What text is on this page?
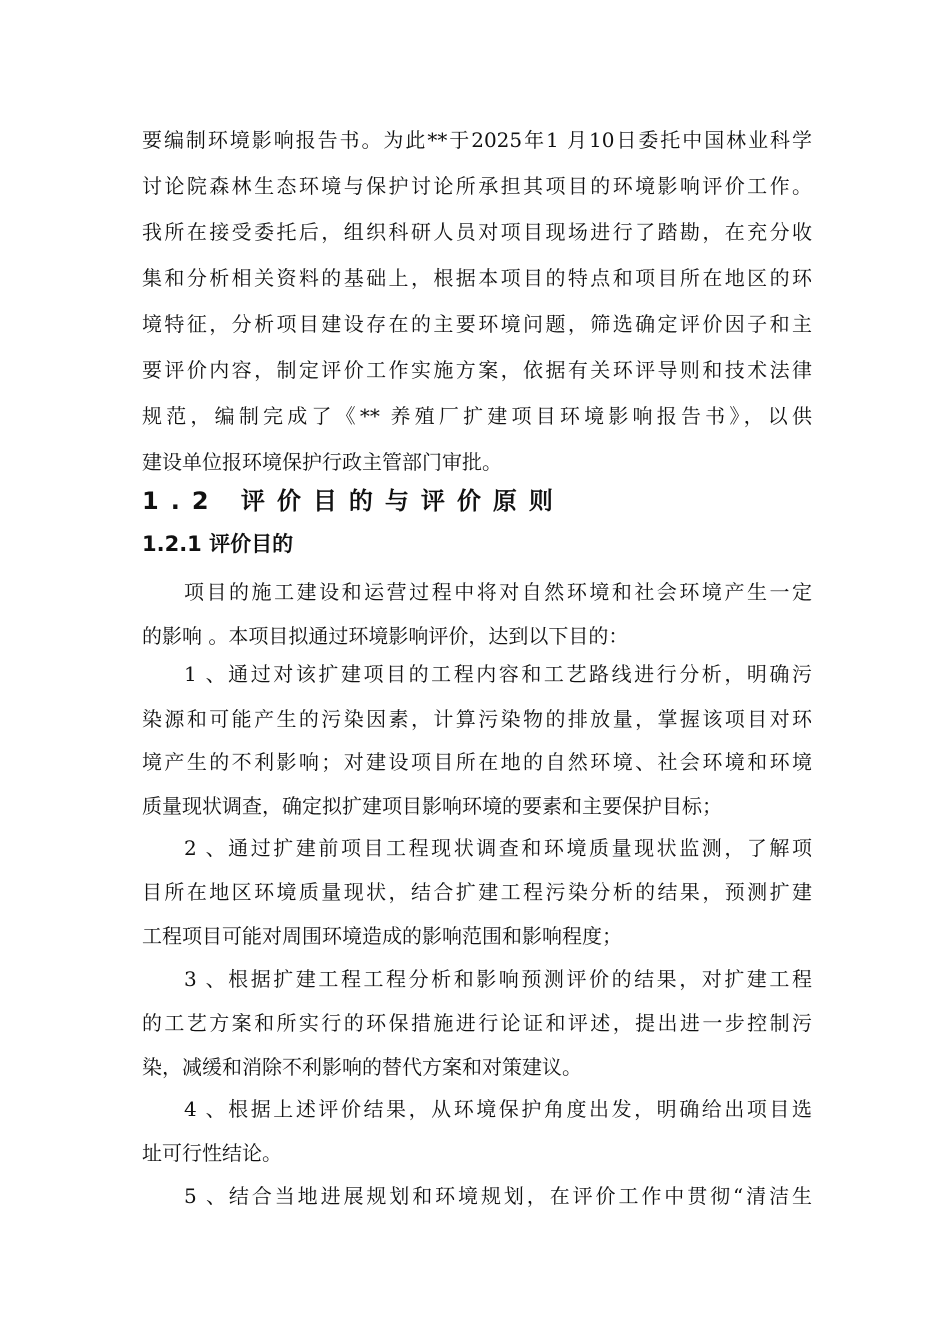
要编制环境影响报告书。为此**于2025年1 月10日委托中国林业科学
讨论院森林生态环境与保护讨论所承担其项目的环境影响评价工作。
我所在接受委托后，组织科研人员对项目现场进行了踏勘，在充分收
集和分析相关资料的基础上，根据本项目的特点和项目所在地区的环
境特征，分析项目建设存在的主要环境问题，筛选确定评价因子和主
要评价内容，制定评价工作实施方案，依据有关环评导则和技术法律
规范，编制完成了《** 养殖厂扩建项目环境影响报告书》，以供
建设单位报环境保护行政主管部门审批。
1.2 评价目的与评价原则
1.2.1 评价目的
项目的施工建设和运营过程中将对自然环境和社会环境产生一定
的影响 。本项目拟通过环境影响评价，达到以下目的：
1 、通过对该扩建项目的工程内容和工艺路线进行分析，明确污
染源和可能产生的污染因素，计算污染物的排放量，掌握该项目对环
境产生的不利影响；对建设项目所在地的自然环境、社会环境和环境
质量现状调查，确定拟扩建项目影响环境的要素和主要保护目标；
2 、通过扩建前项目工程现状调查和环境质量现状监测，了解项
目所在地区环境质量现状，结合扩建工程污染分析的结果，预测扩建
工程项目可能对周围环境造成的影响范围和影响程度；
3 、根据扩建工程工程分析和影响预测评价的结果，对扩建工程
的工艺方案和所实行的环保措施进行论证和评述，提出进一步控制污
染，减缓和消除不利影响的替代方案和对策建议。
4 、根据上述评价结果，从环境保护角度出发，明确给出项目选
址可行性结论。
5 、结合当地进展规划和环境规划，在评价工作中贯彻“清洁生
